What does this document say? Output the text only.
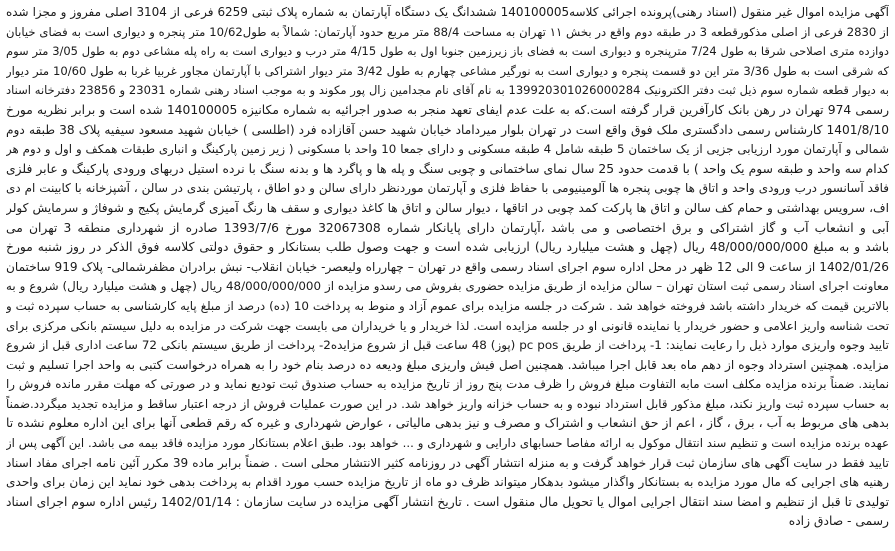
آگهی مزایده اموال غیر منقول (اسناد رهنی)پرونده اجرائی کلاسه140100005 ششدانگ یک دستگاه آپارتمان به شماره پلاک ثبتی 6259 فرعی از 3104 اصلی مفروز و مجزا شده
از 2830 فرعی از اصلی مذکورقطعه 3 در طبقه دوم واقع در بخش ۱۱ تهران به مساحت 88/4 متر مربع حدود آپارتمان: شمالاً به طول10/62 متر پنجره و دیواری است به فضای خیابان
دوازده متری اصلاحی شرقا به طول 7/24 مترپنجره و دیواری است به فضای باز زیرزمین جنوبا اول به طول 4/15 متر درب و دیواری است به راه پله مشاعی دوم به طول 3/05 متر سوم
که شرقی است به طول 3/36 متر این دو قسمت پنجره و دیواری است به نورگیر مشاعی چهارم به طول 3/42 متر دیوار اشتراکی با آپارتمان مجاور غربیا غربا به طول 10/60 متر دیوار
به دیوار قطعه شماره سوم ذیل ثبت دفتر الکترونیک 139920301026000284 به نام آقای نام مجدامین زال پور مکوند و به موجب اسناد رهنی شماره 23031 و 23856 دفترخانه اسناد
رسمی 974 تهران در رهن بانک کارآفرین قرار گرفته است.که به علت عدم ایفای تعهد منجر به صدور اجرائیه به شماره مکانیزه 140100005 شده است و برابر نظریه مورخ
1401/8/10 کارشناس رسمی دادگستری ملک فوق واقع است در تهران بلوار میرداماد خیابان شهید حسن آقازاده فرد (اطلسی ) خیابان شهید مسعود سیفیه پلاک 38 طبقه دوم
شمالی و آپارتمان مورد ارزیابی جزیی از یک ساختمان 5 طبقه شامل 4 طبقه مسکونی و دارای جمعا 10 واحد با مسکونی ( زیر زمین پارکینگ و انباری طبقات همکف و اول و دوم هر
کدام سه واحد و طبقه سوم یک واحد ) با قدمت حدود 25 سال نمای ساختمانی و چوبی سنگ و پله ها و پاگرد ها و بدنه سنگ با نرده استیل دربهای ورودی پارکینگ و عابر فلزی
فاقد آسانسور درب ورودی واحد و اتاق ها چوبی پنجره ها آلومینیومی با حفاظ فلزی و آپارتمان موردنظر دارای سالن و دو اطاق ، پارتیشن بندی در سالن ، آشپزخانه با کابینت ام دی
اف، سرویس بهداشتی و حمام کف سالن و اتاق ها پارکت کمد چوبی در اتاقها ، دیوار سالن و اتاق ها کاغذ دیواری و سقف ها رنگ آمیزی گرمایش پکیج و شوفاژ و سرمایش کولر
آبی و انشعاب آب و گاز اشتراکی و برق اختصاصی و می باشد ،آپارتمان دارای پایانکار شماره 32067308 مورخ 1393/7/6 صادره از شهرداری منطقه 3 تهران می
باشد و به مبلغ 48/000/000/000 ریال (چهل و هشت میلیارد ریال) ارزیابی شده است و جهت وصول طلب بستانکار و حقوق دولتی کلاسه فوق الذکر در روز شنبه مورخ
1402/01/26 از ساعت 9 الی 12 ظهر در محل اداره سوم اجرای اسناد رسمی واقع در تهران – چهارراه ولیعصر- خیابان انقلاب- نبش برادران مظفرشمالی- پلاک 919 ساختمان
معاونت اجرای اسناد رسمی ثبت استان تهران – سالن مزایده از طریق مزایده حضوری بفروش می رسدو مزایده از 48/000/000/000 ریال (چهل و هشت میلیارد ریال) شروع و به
بالاترین قیمت که خریدار داشته باشد فروخته خواهد شد . شرکت در جلسه مزایده برای عموم آزاد و منوط به پرداخت 10 (ده) درصد از مبلغ پایه کارشناسی به حساب سپرده ثبت و
تحت شناسه واریز اعلامی و حضور خریدار یا نماینده قانونی او در جلسه مزایده است. لذا خریدار و یا خریداران می بایست جهت شرکت در مزایده به دلیل سیستم بانکی مرکزی برای
تایید وجوه واریزی موارد ذیل را رعایت نمایند: 1- پرداخت از طریق pc pos (پوز) 48 ساعت قبل از شروع مزایده2- پرداخت از طریق سیستم بانکی 72 ساعت اداری قبل از شروع
مزایده. همچنین استرداد وجوه از دهم ماه بعد قابل اجرا میباشد. همچنین اصل فیش واریزی مبلغ ودیعه ده درصد بنام خود را به همراه درخواست کتبی به واحد اجرا تسلیم و ثبت
نمایند. ضمناً برنده مزایده مکلف است مابه التفاوت مبلغ فروش را ظرف مدت پنج روز از تاریخ مزایده به حساب صندوق ثبت تودیع نماید و در صورتی که مهلت مقرر مانده فروش را
به حساب سپرده ثبت واریز نکند، مبلغ مذکور قابل استرداد نبوده و به حساب خزانه واریز خواهد شد. در این صورت عملیات فروش از درجه اعتبار ساقط و مزایده تجدید میگردد.ضمناً
بدهی های مربوط به آب ، برق ، گاز ، اعم از حق انشعاب و اشتراک و مصرف و نیز بدهی مالیاتی ، عوارض شهرداری و غیره که رقم قطعی آنها برای این اداره معلوم نشده تا
عهده برنده مزایده است و تنظیم سند انتقال موکول به ارائه مفاصا حسابهای دارایی و شهرداری و ... خواهد بود. طبق اعلام بستانکار مورد مزایده فاقد بیمه می باشد. این آگهی پس از
تایید فقط در سایت آگهی های سازمان ثبت قرار خواهد گرفت و به منزله انتشار آگهی در روزنامه کثیر الانتشار محلی است . ضمناً برابر ماده 39 مکرر آئین نامه اجرای مفاد اسناد
رهنیه های اجرایی که مال مورد مزایده به بستانکار واگذار میشود بدهکار میتواند ظرف دو ماه از تاریخ مزایده حسب مورد اقدام به پرداخت بدهی خود نماید این زمان برای واحدی
تولیدی تا قبل از تنظیم و امضا سند انتقال اجرایی اموال یا تحویل مال منقول است . تاریخ انتشار آگهی مزایده در سایت سازمان : 1402/01/14 رئیس اداره سوم اجرای اسناد
رسمی - صادق زاده
